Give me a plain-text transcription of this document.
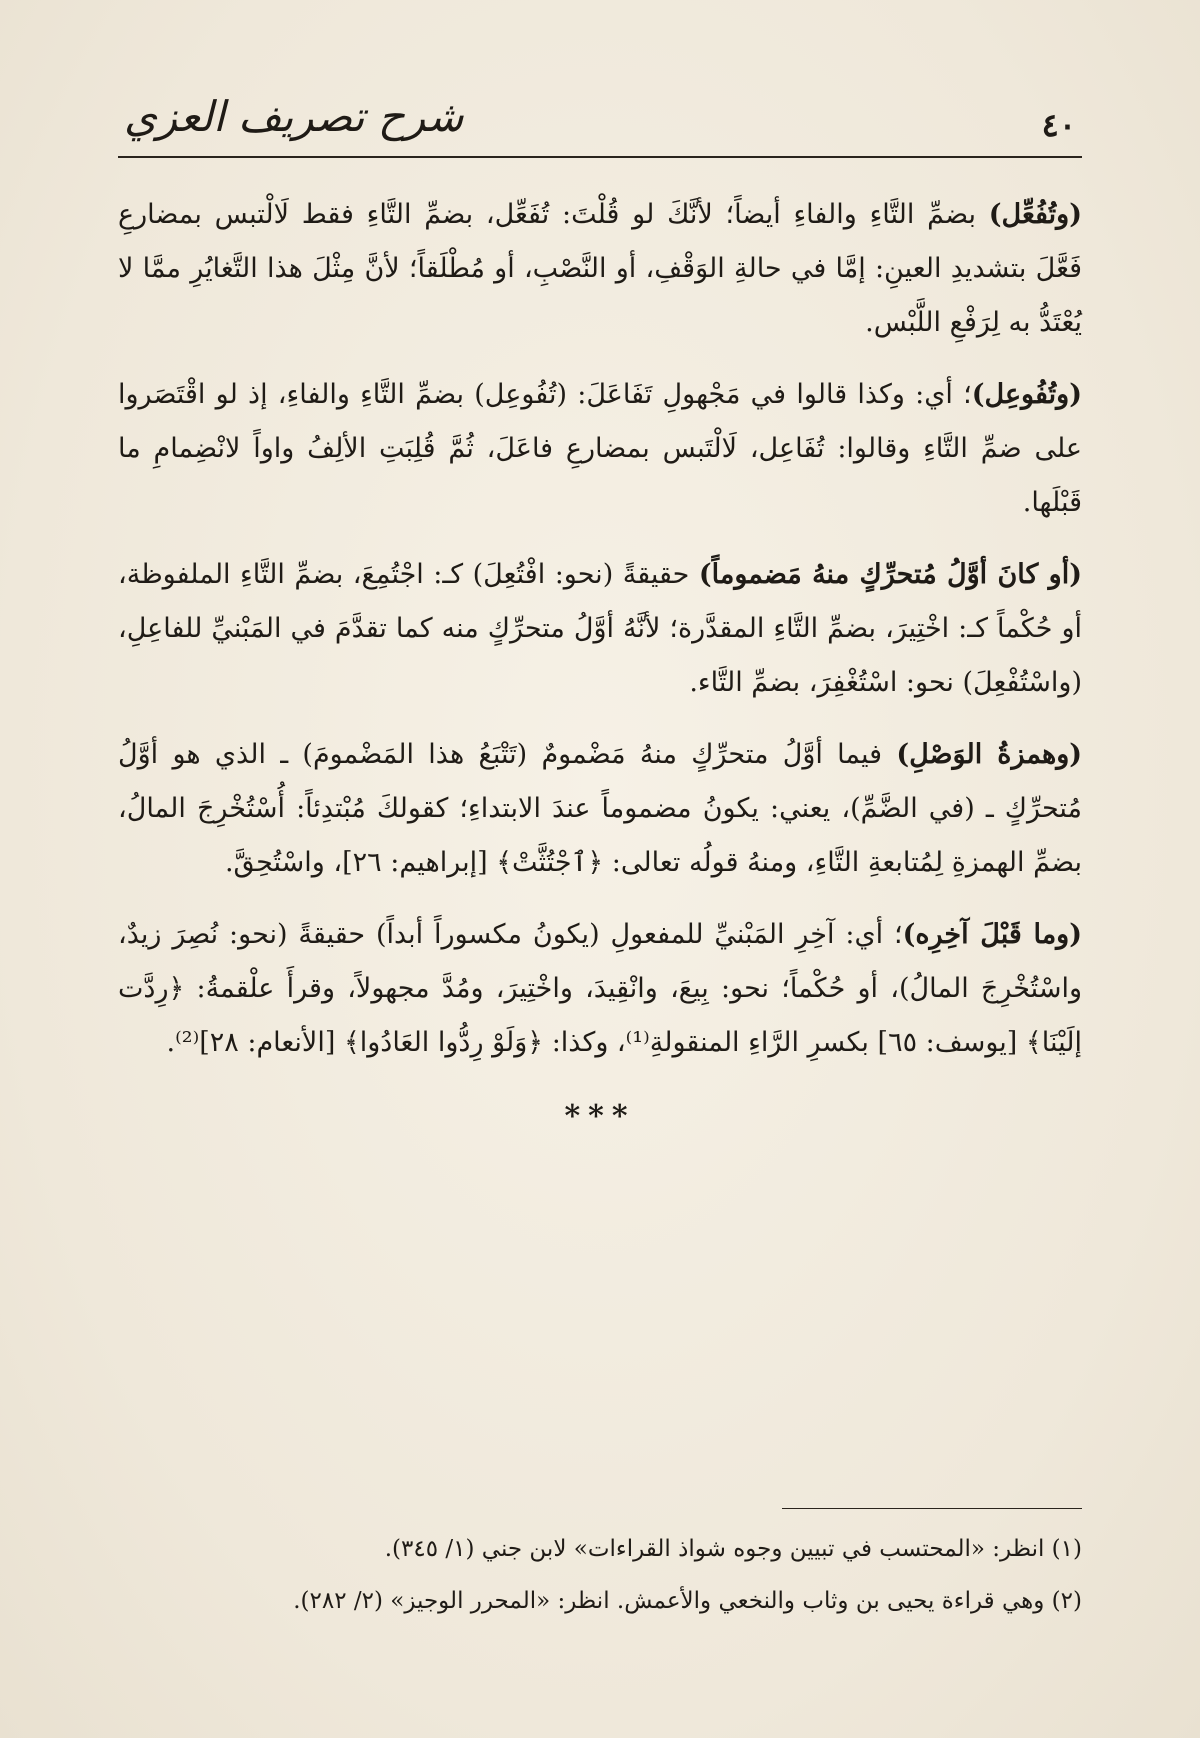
٤٠
شرح تصريف العزي

(وتُفُعِّل) بضمِّ التَّاءِ والفاءِ أيضاً؛ لأنَّكَ لو قُلْتَ: تُفَعِّل، بضمِّ التَّاءِ فقط لَالْتبس بمضارعِ فَعَّلَ بتشديدِ العينِ: إمَّا في حالةِ الوَقْفِ، أو النَّصْبِ، أو مُطْلَقاً؛ لأنَّ مِثْلَ هذا التَّغايُرِ ممَّا لا يُعْتَدُّ به لِرَفْعِ اللَّبْس.

(وتُفُوعِل)؛ أي: وكذا قالوا في مَجْهولِ تَفَاعَلَ: (تُفُوعِل) بضمِّ التَّاءِ والفاءِ، إذ لو اقْتَصَروا على ضمِّ التَّاءِ وقالوا: تُفَاعِل، لَالْتَبس بمضارعِ فاعَلَ، ثُمَّ قُلِبَتِ الألِفُ واواً لانْضِمامِ ما قَبْلَها.

(أو كانَ أوَّلُ مُتحرِّكٍ منهُ مَضموماً) حقيقةً (نحو: افْتُعِلَ) كـ: اجْتُمِعَ، بضمِّ التَّاءِ الملفوظة، أو حُكْماً كـ: اخْتِيرَ، بضمِّ التَّاءِ المقدَّرة؛ لأنَّهُ أوَّلُ متحرِّكٍ منه كما تقدَّمَ في المَبْنيِّ للفاعِلِ، (واسْتُفْعِلَ) نحو: اسْتُغْفِرَ، بضمِّ التَّاء.

(وهمزةُ الوَصْلِ) فيما أوَّلُ متحرِّكٍ منهُ مَضْمومٌ (تَتْبَعُ هذا المَضْمومَ) ـ الذي هو أوَّلُ مُتحرِّكٍ ـ (في الضَّمِّ)، يعني: يكونُ مضموماً عندَ الابتداءِ؛ كقولكَ مُبْتدِئاً: أُسْتُخْرِجَ المالُ، بضمِّ الهمزةِ لِمُتابعةِ التَّاءِ، ومنهُ قولُه تعالى: ﴿ٱجْتُثَّتْ﴾ [إبراهيم: ٢٦]، واسْتُحِقَّ.

(وما قَبْلَ آخِرِه)؛ أي: آخِرِ المَبْنيِّ للمفعولِ (يكونُ مكسوراً أبداً) حقيقةً (نحو: نُصِرَ زيدٌ، واسْتُخْرِجَ المالُ)، أو حُكْماً؛ نحو: بِيعَ، وانْقِيدَ، واخْتِيرَ، ومُدَّ مجهولاً، وقرأَ علْقمةُ: ﴿رِدَّت إلَيْنَا﴾ [يوسف: ٦٥] بكسرِ الرَّاءِ المنقولةِ⁽¹⁾، وكذا: ﴿وَلَوْ رِدُّوا العَادُوا﴾ [الأنعام: ٢٨]⁽²⁾.

***

(١) انظر: «المحتسب في تبيين وجوه شواذ القراءات» لابن جني (١/ ٣٤٥).

(٢) وهي قراءة يحيى بن وثاب والنخعي والأعمش. انظر: «المحرر الوجيز» (٢/ ٢٨٢).
